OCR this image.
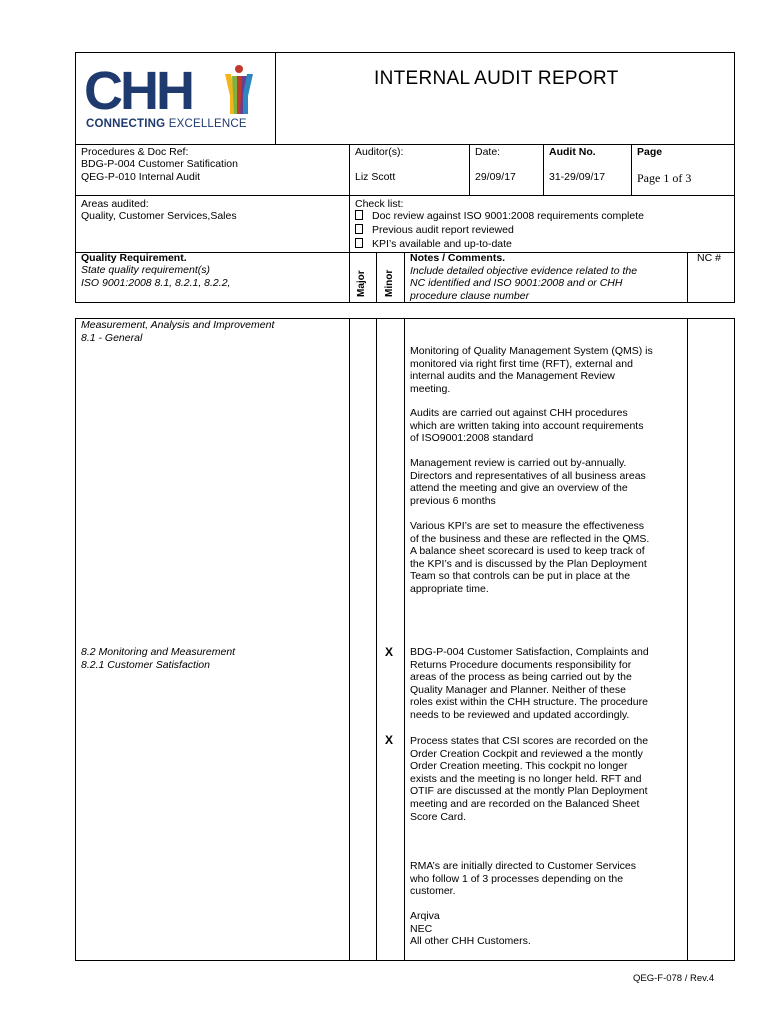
CHH
CONNECTING EXCELLENCE
INTERNAL AUDIT REPORT
Procedures & Doc Ref:
BDG-P-004 Customer Satification
QEG-P-010 Internal Audit
Auditor(s):
Liz Scott
Date:
29/09/17
Audit No.
31-29/09/17
Page
Page 1 of 3
Areas audited:
Quality, Customer Services,Sales
Check list:
Doc review against ISO 9001:2008 requirements complete
Previous audit report reviewed
KPI’s available and up-to-date
Quality Requirement.
State quality requirement(s)
ISO 9001:2008 8.1, 8.2.1, 8.2.2,	Major Minor
Notes / Comments.
Include detailed objective evidence related to the
NC identified and ISO 9001:2008 and or CHH
procedure clause number
NC #
Measurement, Analysis and Improvement
8.1 - General
8.2 Monitoring and Measurement
8.2.1 Customer Satisfaction
X
X
Monitoring of Quality Management System (QMS) is
monitored via right first time (RFT), external and
internal audits and the Management Review
meeting.
Audits are carried out against CHH procedures
which are written taking into account requirements
of ISO9001:2008 standard
Management review is carried out by-annually.
Directors and representatives of all business areas
attend the meeting and give an overview of the
previous 6 months
Various KPI’s are set to measure the effectiveness
of the business and these are reflected in the QMS.
A balance sheet scorecard is used to keep track of
the KPI’s and is discussed by the Plan Deployment
Team so that controls can be put in place at the
appropriate time.
BDG-P-004 Customer Satisfaction, Complaints and
Returns Procedure documents responsibility for
areas of the process as being carried out by the
Quality Manager and Planner. Neither of these
roles exist within the CHH structure. The procedure
needs to be reviewed and updated accordingly.
Process states that CSI scores are recorded on the
Order Creation Cockpit and reviewed a the montly
Order Creation meeting. This cockpit no longer
exists and the meeting is no longer held. RFT and
OTIF are discussed at the montly Plan Deployment
meeting and are recorded on the Balanced Sheet
Score Card.
RMA’s are initially directed to Customer Services
who follow 1 of 3 processes depending on the
customer.
Arqiva
NEC
All other CHH Customers.
QEG-F-078 / Rev.4
